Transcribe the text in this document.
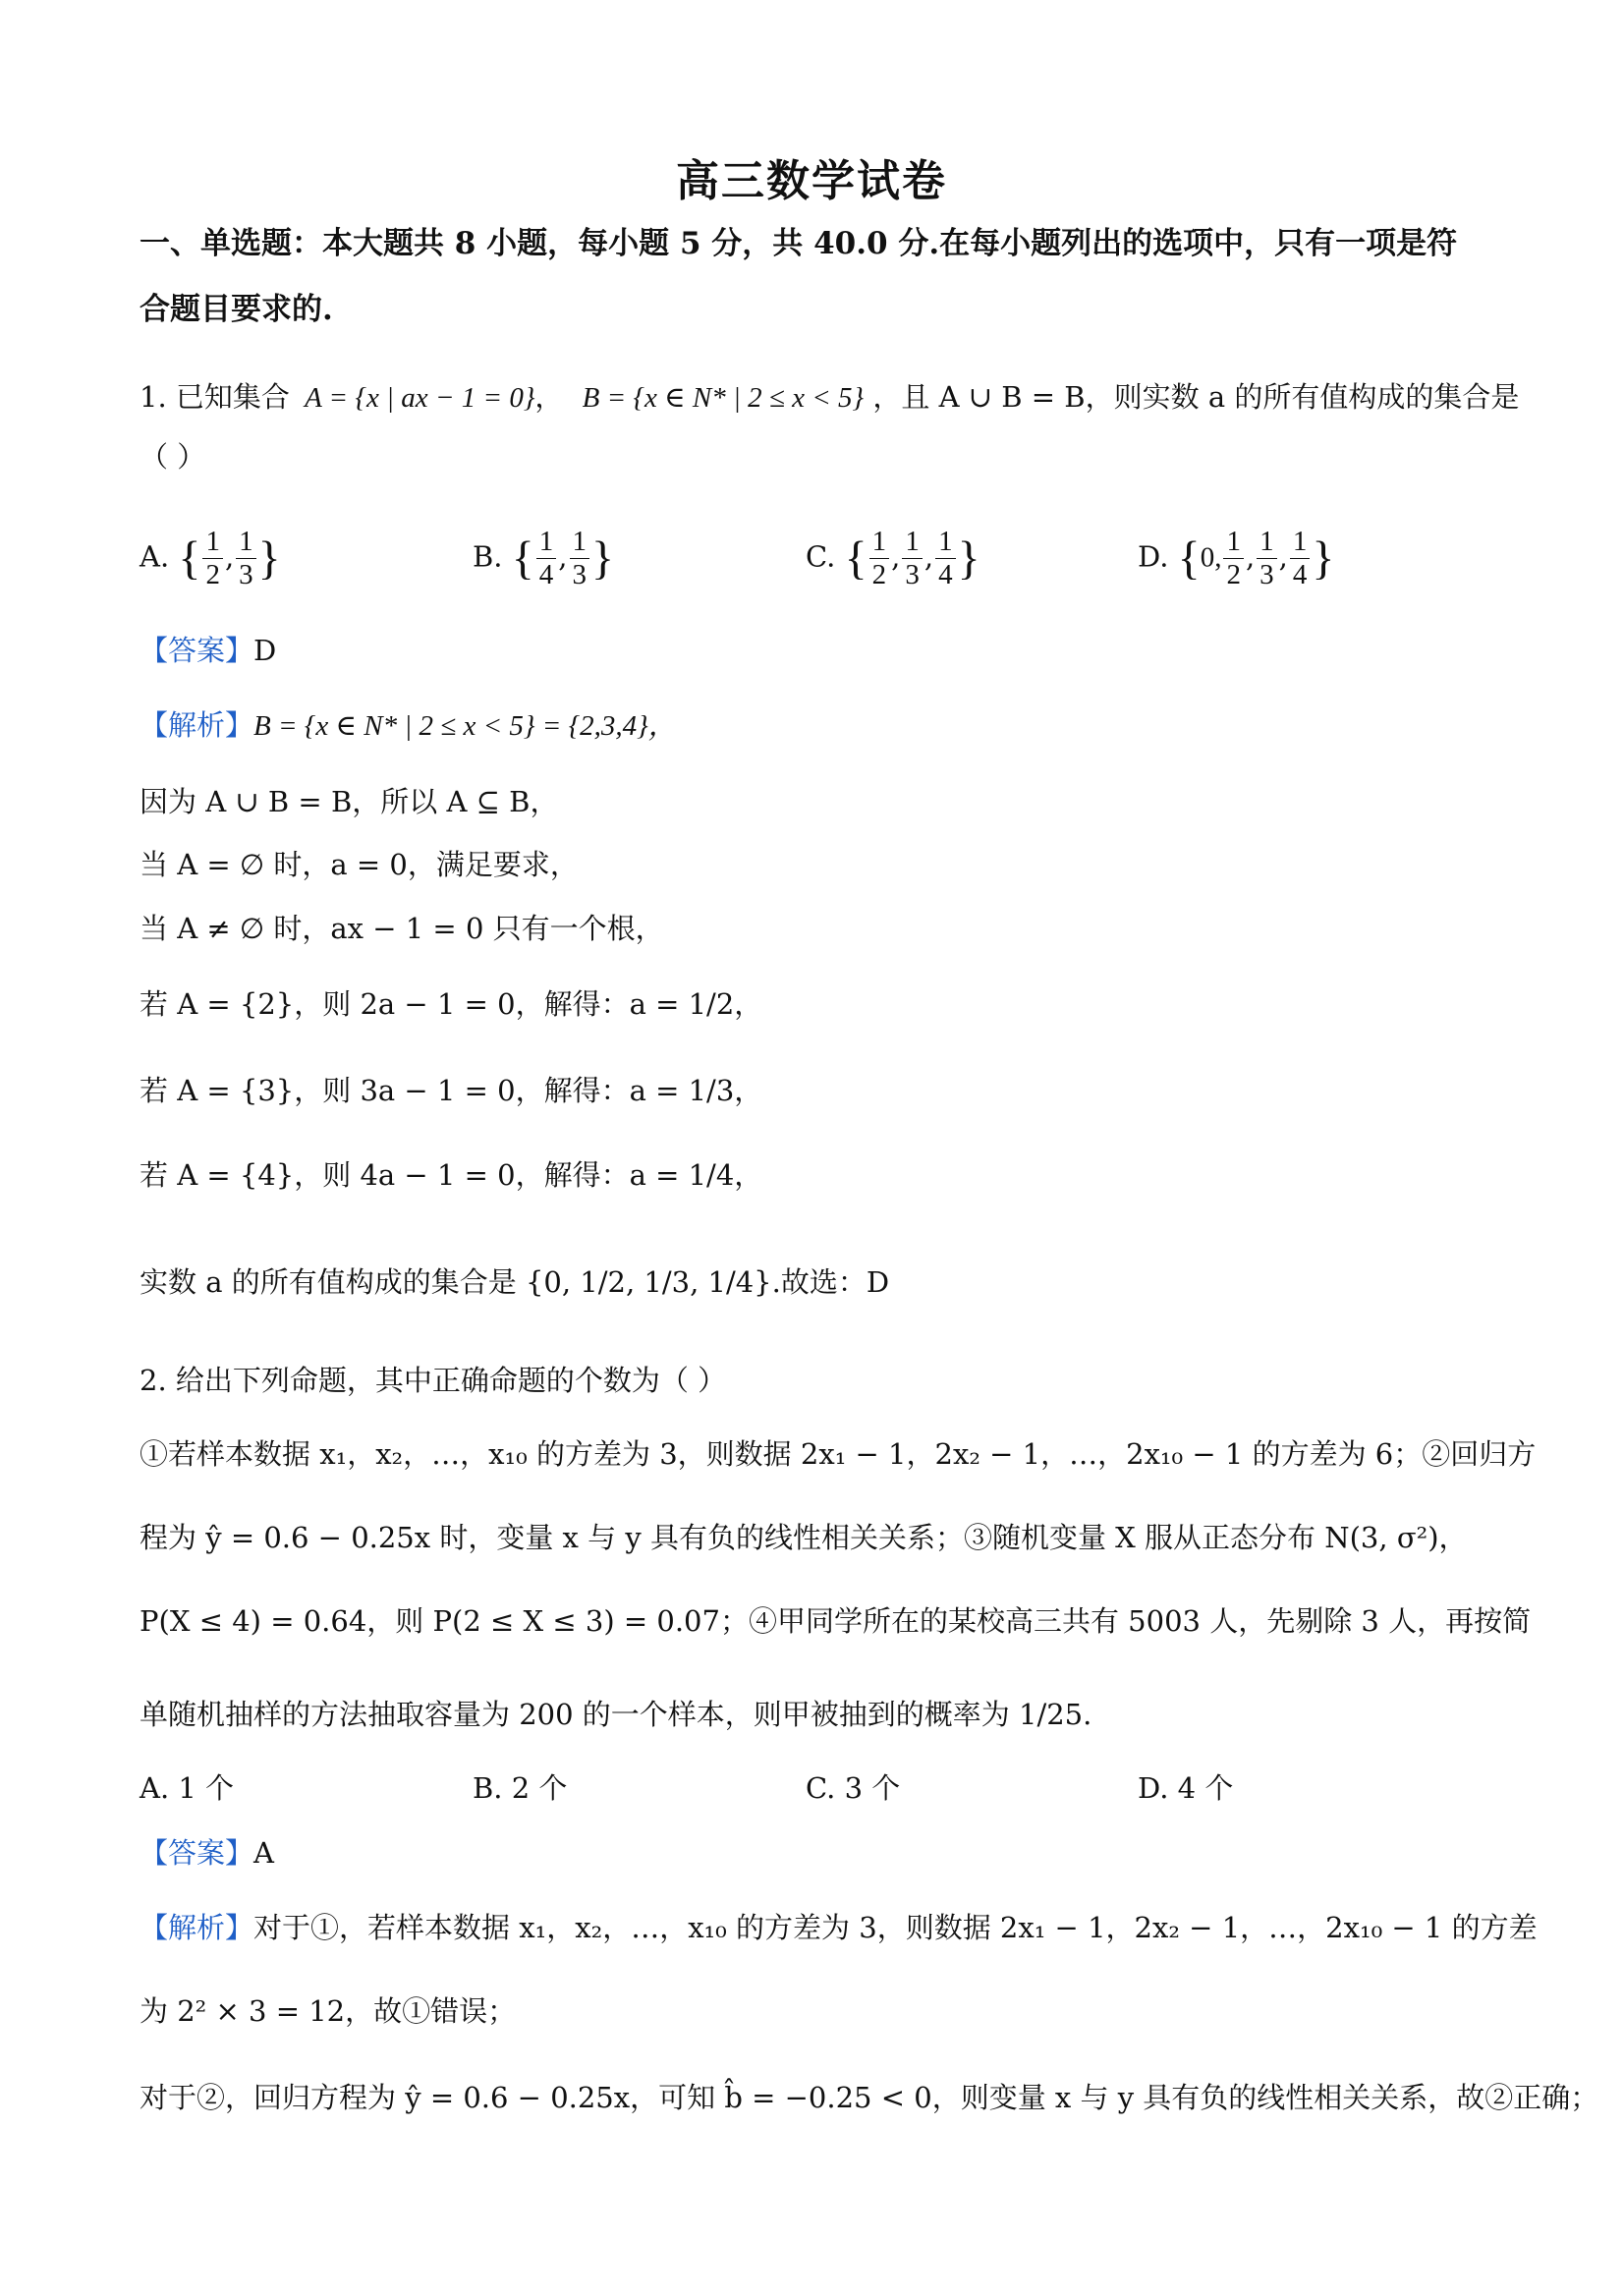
高三数学试卷
一、单选题：本大题共 8 小题，每小题 5 分，共 40.0 分.在每小题列出的选项中，只有一项是符
合题目要求的.
1. 已知集合 A = {x | ax − 1 = 0}， B = {x ∈ N* | 2 ≤ x < 5} ，且 A ∪ B = B，则实数 a 的所有值构成的集合是
（ ）
A. { $\frac{1}{2}$ , $\frac{1}{3}$ }	B. { $\frac{1}{4}$ , $\frac{1}{3}$ }	C. { $\frac{1}{2}$ , $\frac{1}{3}$ , $\frac{1}{4}$ }	D. {0, $\frac{1}{2}$ , $\frac{1}{3}$ , $\frac{1}{4}$ }
【答案】D
【解析】B = {x ∈ N* | 2 ≤ x < 5} = {2,3,4}，
因为 A ∪ B = B，所以 A ⊆ B，
当 A = ∅ 时，a = 0，满足要求，
当 A ≠ ∅ 时，ax − 1 = 0 只有一个根，
若 A = {2}，则 2a − 1 = 0，解得：a = 1/2，
若 A = {3}，则 3a − 1 = 0，解得：a = 1/3，
若 A = {4}，则 4a − 1 = 0，解得：a = 1/4，
实数 a 的所有值构成的集合是 {0, 1/2, 1/3, 1/4}.故选：D
2. 给出下列命题，其中正确命题的个数为（ ）
①若样本数据 x₁，x₂，…，x₁₀ 的方差为 3，则数据 2x₁ − 1，2x₂ − 1，…，2x₁₀ − 1 的方差为 6；②回归方
程为 ŷ = 0.6 − 0.25x 时，变量 x 与 y 具有负的线性相关关系；③随机变量 X 服从正态分布 N(3, σ²)，
P(X ≤ 4) = 0.64，则 P(2 ≤ X ≤ 3) = 0.07；④甲同学所在的某校高三共有 5003 人，先剔除 3 人，再按简
单随机抽样的方法抽取容量为 200 的一个样本，则甲被抽到的概率为 1/25.
A. 1 个	B. 2 个	C. 3 个	D. 4 个
【答案】A
【解析】对于①，若样本数据 x₁，x₂，…，x₁₀ 的方差为 3，则数据 2x₁ − 1，2x₂ − 1，…，2x₁₀ − 1 的方差
为 2² × 3 = 12，故①错误；
对于②，回归方程为 ŷ = 0.6 − 0.25x，可知 b̂ = −0.25 < 0，则变量 x 与 y 具有负的线性相关关系，故②正确；
